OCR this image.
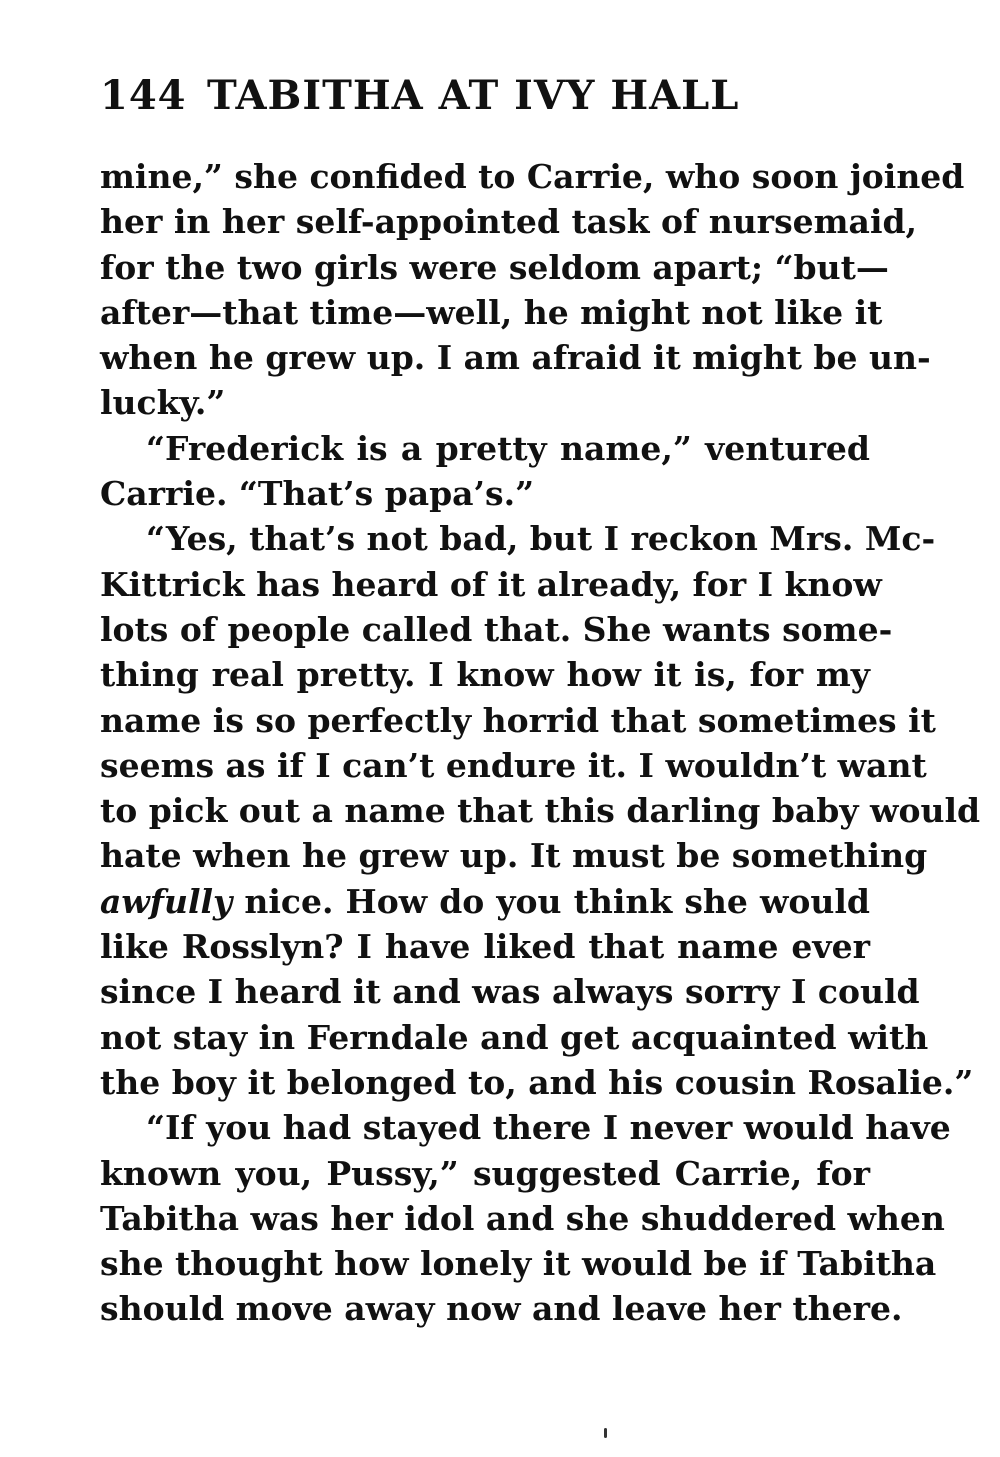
144 TABITHA AT IVY HALL
mine,” she confided to Carrie, who soon joined
her in her self-appointed task of nursemaid,
for the two girls were seldom apart; “but—
after—that time—well, he might not like it
when he grew up. I am afraid it might be un-
lucky.”
“Frederick is a pretty name,” ventured
Carrie. “That’s papa’s.”
“Yes, that’s not bad, but I reckon Mrs. Mc-
Kittrick has heard of it already, for I know
lots of people called that. She wants some-
thing real pretty. I know how it is, for my
name is so perfectly horrid that sometimes it
seems as if I can’t endure it. I wouldn’t want
to pick out a name that this darling baby would
hate when he grew up. It must be something
awfully nice. How do you think she would
like Rosslyn? I have liked that name ever
since I heard it and was always sorry I could
not stay in Ferndale and get acquainted with
the boy it belonged to, and his cousin Rosalie.”
“If you had stayed there I never would have
known you, Pussy,” suggested Carrie, for
Tabitha was her idol and she shuddered when
she thought how lonely it would be if Tabitha
should move away now and leave her there.
